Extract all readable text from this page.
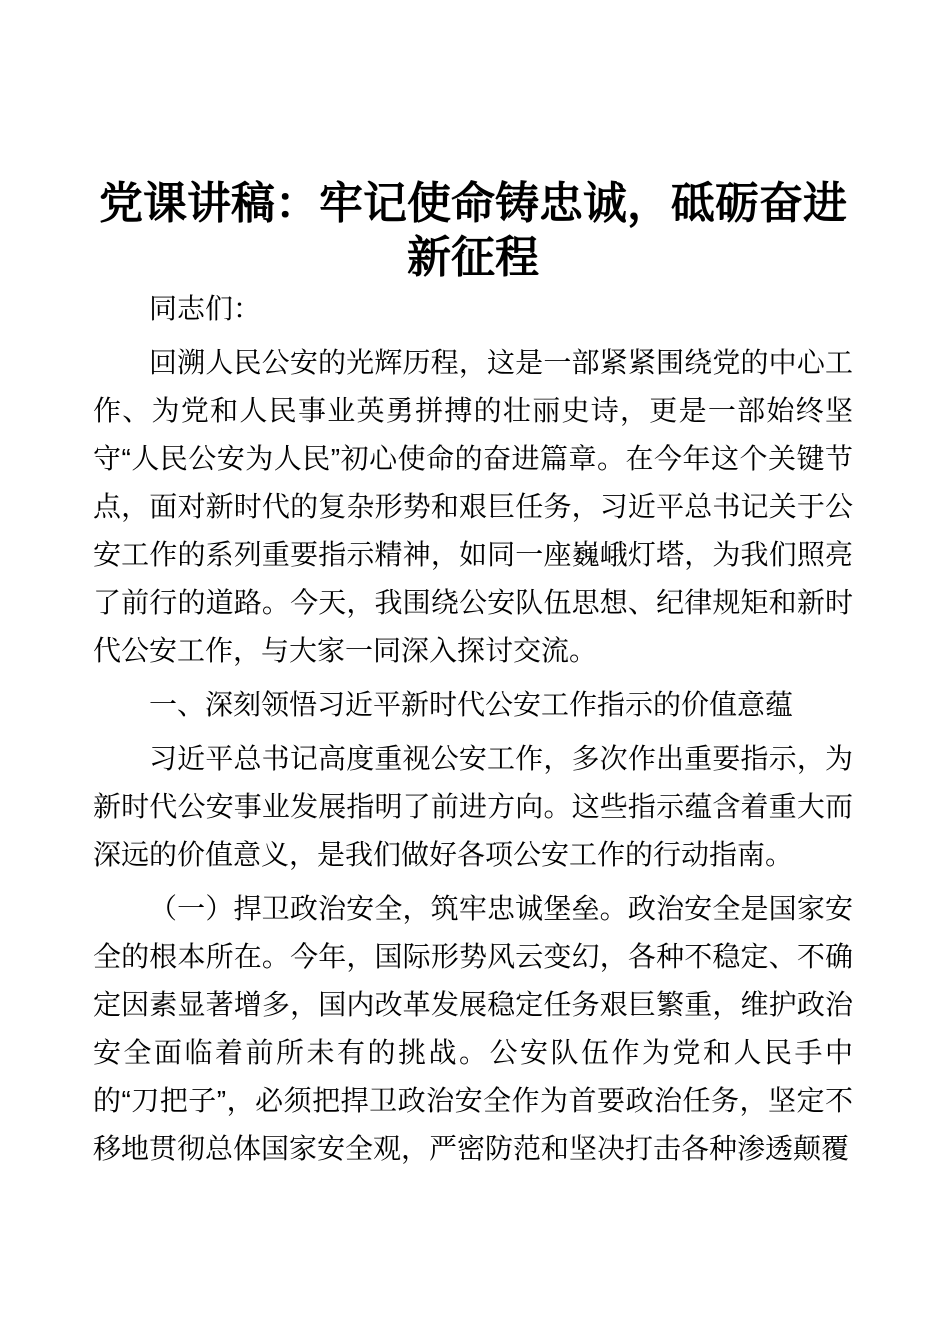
党课讲稿：牢记使命铸忠诚，砥砺奋进新征程

同志们：

回溯人民公安的光辉历程，这是一部紧紧围绕党的中心工作、为党和人民事业英勇拼搏的壮丽史诗，更是一部始终坚守“人民公安为人民”初心使命的奋进篇章。在今年这个关键节点，面对新时代的复杂形势和艰巨任务，习近平总书记关于公安工作的系列重要指示精神，如同一座巍峨灯塔，为我们照亮了前行的道路。今天，我围绕公安队伍思想、纪律规矩和新时代公安工作，与大家一同深入探讨交流。

一、深刻领悟习近平新时代公安工作指示的价值意蕴

习近平总书记高度重视公安工作，多次作出重要指示，为新时代公安事业发展指明了前进方向。这些指示蕴含着重大而深远的价值意义，是我们做好各项公安工作的行动指南。

（一）捍卫政治安全，筑牢忠诚堡垒。政治安全是国家安全的根本所在。今年，国际形势风云变幻，各种不稳定、不确定因素显著增多，国内改革发展稳定任务艰巨繁重，维护政治安全面临着前所未有的挑战。公安队伍作为党和人民手中的“刀把子”，必须把捍卫政治安全作为首要政治任务，坚定不移地贯彻总体国家安全观，严密防范和坚决打击各种渗透颠覆
